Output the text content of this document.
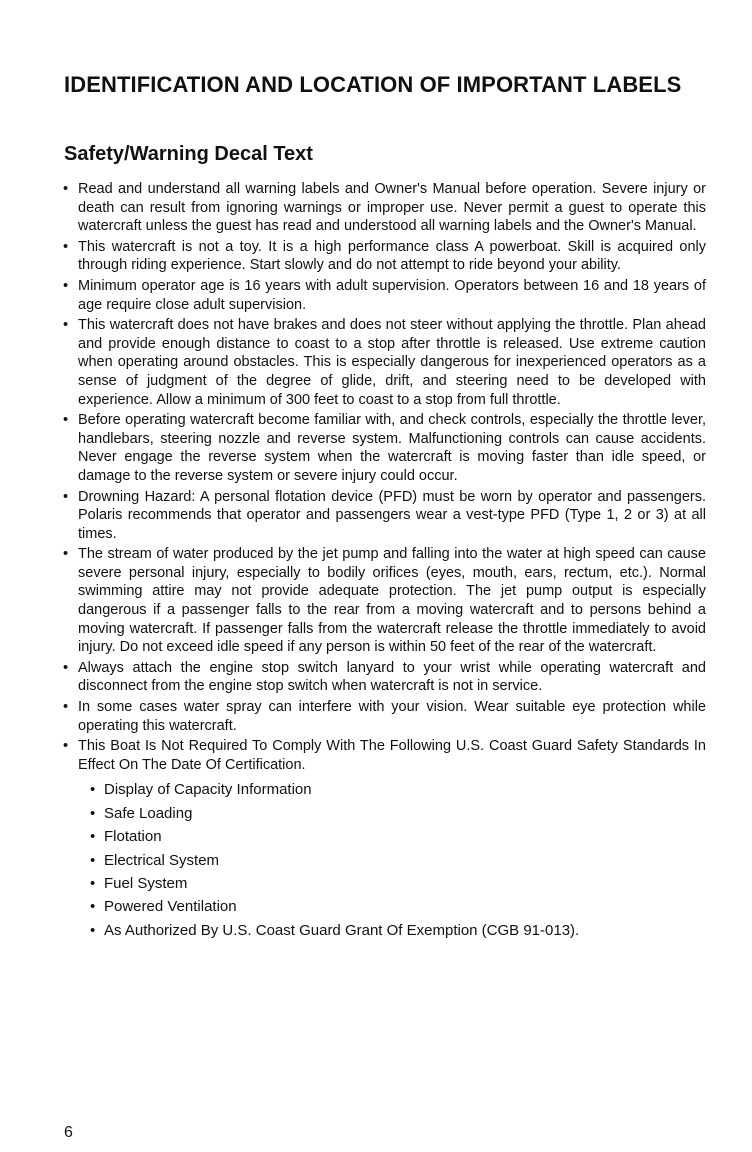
IDENTIFICATION AND LOCATION OF IMPORTANT LABELS
Safety/Warning Decal Text
• Read and understand all warning labels and Owner's Manual before operation. Severe injury or death can result from ignoring warnings or improper use. Never permit a guest to operate this watercraft unless the guest has read and understood all warning labels and the Owner's Manual.
• This watercraft is not a toy. It is a high performance class A powerboat. Skill is acquired only through riding experience. Start slowly and do not attempt to ride beyond your ability.
• Minimum operator age is 16 years with adult supervision. Operators between 16 and 18 years of age require close adult supervision.
• This watercraft does not have brakes and does not steer without applying the throttle. Plan ahead and provide enough distance to coast to a stop after throttle is released. Use extreme caution when operating around obstacles. This is especially dangerous for inexperienced operators as a sense of judgment of the degree of glide, drift, and steering need to be developed with experience. Allow a minimum of 300 feet to coast to a stop from full throttle.
• Before operating watercraft become familiar with, and check controls, especially the throttle lever, handlebars, steering nozzle and reverse system. Malfunctioning controls can cause accidents. Never engage the reverse system when the watercraft is moving faster than idle speed, or damage to the reverse system or severe injury could occur.
• Drowning Hazard: A personal flotation device (PFD) must be worn by operator and passengers. Polaris recommends that operator and passengers wear a vest-type PFD (Type 1, 2 or 3) at all times.
• The stream of water produced by the jet pump and falling into the water at high speed can cause severe personal injury, especially to bodily orifices (eyes, mouth, ears, rectum, etc.). Normal swimming attire may not provide adequate protection. The jet pump output is especially dangerous if a passenger falls to the rear from a moving watercraft and to persons behind a moving watercraft. If passenger falls from the watercraft release the throttle immediately to avoid injury. Do not exceed idle speed if any person is within 50 feet of the rear of the watercraft.
• Always attach the engine stop switch lanyard to your wrist while operating watercraft and disconnect from the engine stop switch when watercraft is not in service.
• In some cases water spray can interfere with your vision. Wear suitable eye protection while operating this watercraft.
• This Boat Is Not Required To Comply With The Following U.S. Coast Guard Safety Standards In Effect On The Date Of Certification.
• Display of Capacity Information
• Safe Loading
• Flotation
• Electrical System
• Fuel System
• Powered Ventilation
• As Authorized By U.S. Coast Guard Grant Of Exemption (CGB 91-013).
6
